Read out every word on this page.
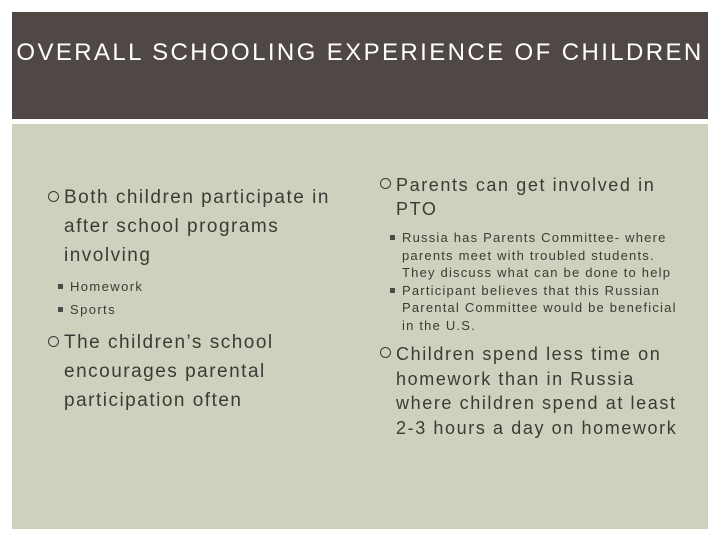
OVERALL SCHOOLING EXPERIENCE OF CHILDREN
Both children participate in after school programs involving
Homework
Sports
The children’s school encourages parental participation often
Parents can get involved in PTO
Russia has Parents Committee- where parents meet with troubled students. They discuss what can be done to help
Participant believes that this Russian Parental Committee would be beneficial in the U.S.
Children spend less time on homework than in Russia where children spend at least 2-3 hours a day on homework
